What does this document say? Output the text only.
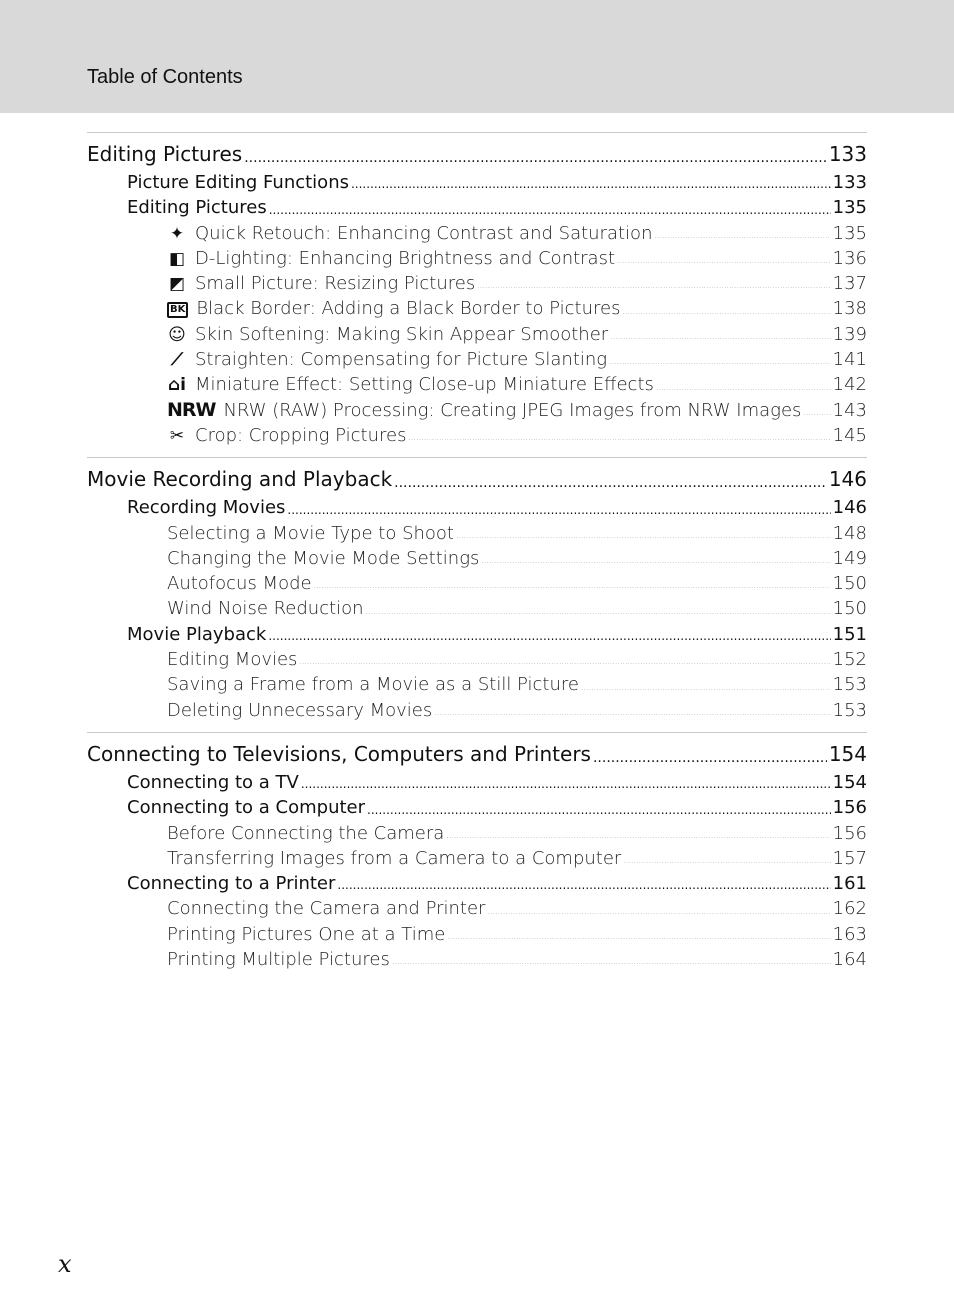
Table of Contents
Editing Pictures .....	133
Picture Editing Functions .....	133
Editing Pictures .....	135
✦ Quick Retouch: Enhancing Contrast and Saturation .....	135
◧ D-Lighting: Enhancing Brightness and Contrast .....	136
◩ Small Picture: Resizing Pictures .....	137
BK Black Border: Adding a Black Border to Pictures .....	138
☺ Skin Softening: Making Skin Appear Smoother .....	139
⟋ Straighten: Compensating for Picture Slanting .....	141
⌂ⅰ Miniature Effect: Setting Close-up Miniature Effects .....	142
NRW NRW (RAW) Processing: Creating JPEG Images from NRW Images ..... 143
✂ Crop: Cropping Pictures .....	145
Movie Recording and Playback .....	146
Recording Movies .....	146
Selecting a Movie Type to Shoot .....	148
Changing the Movie Mode Settings .....	149
Autofocus Mode .....	150
Wind Noise Reduction .....	150
Movie Playback .....	151
Editing Movies .....	152
Saving a Frame from a Movie as a Still Picture .....	153
Deleting Unnecessary Movies .....	153
Connecting to Televisions, Computers and Printers .....	154
Connecting to a TV .....	154
Connecting to a Computer .....	156
Before Connecting the Camera .....	156
Transferring Images from a Camera to a Computer .....	157
Connecting to a Printer .....	161
Connecting the Camera and Printer .....	162
Printing Pictures One at a Time .....	163
Printing Multiple Pictures .....	164
x
